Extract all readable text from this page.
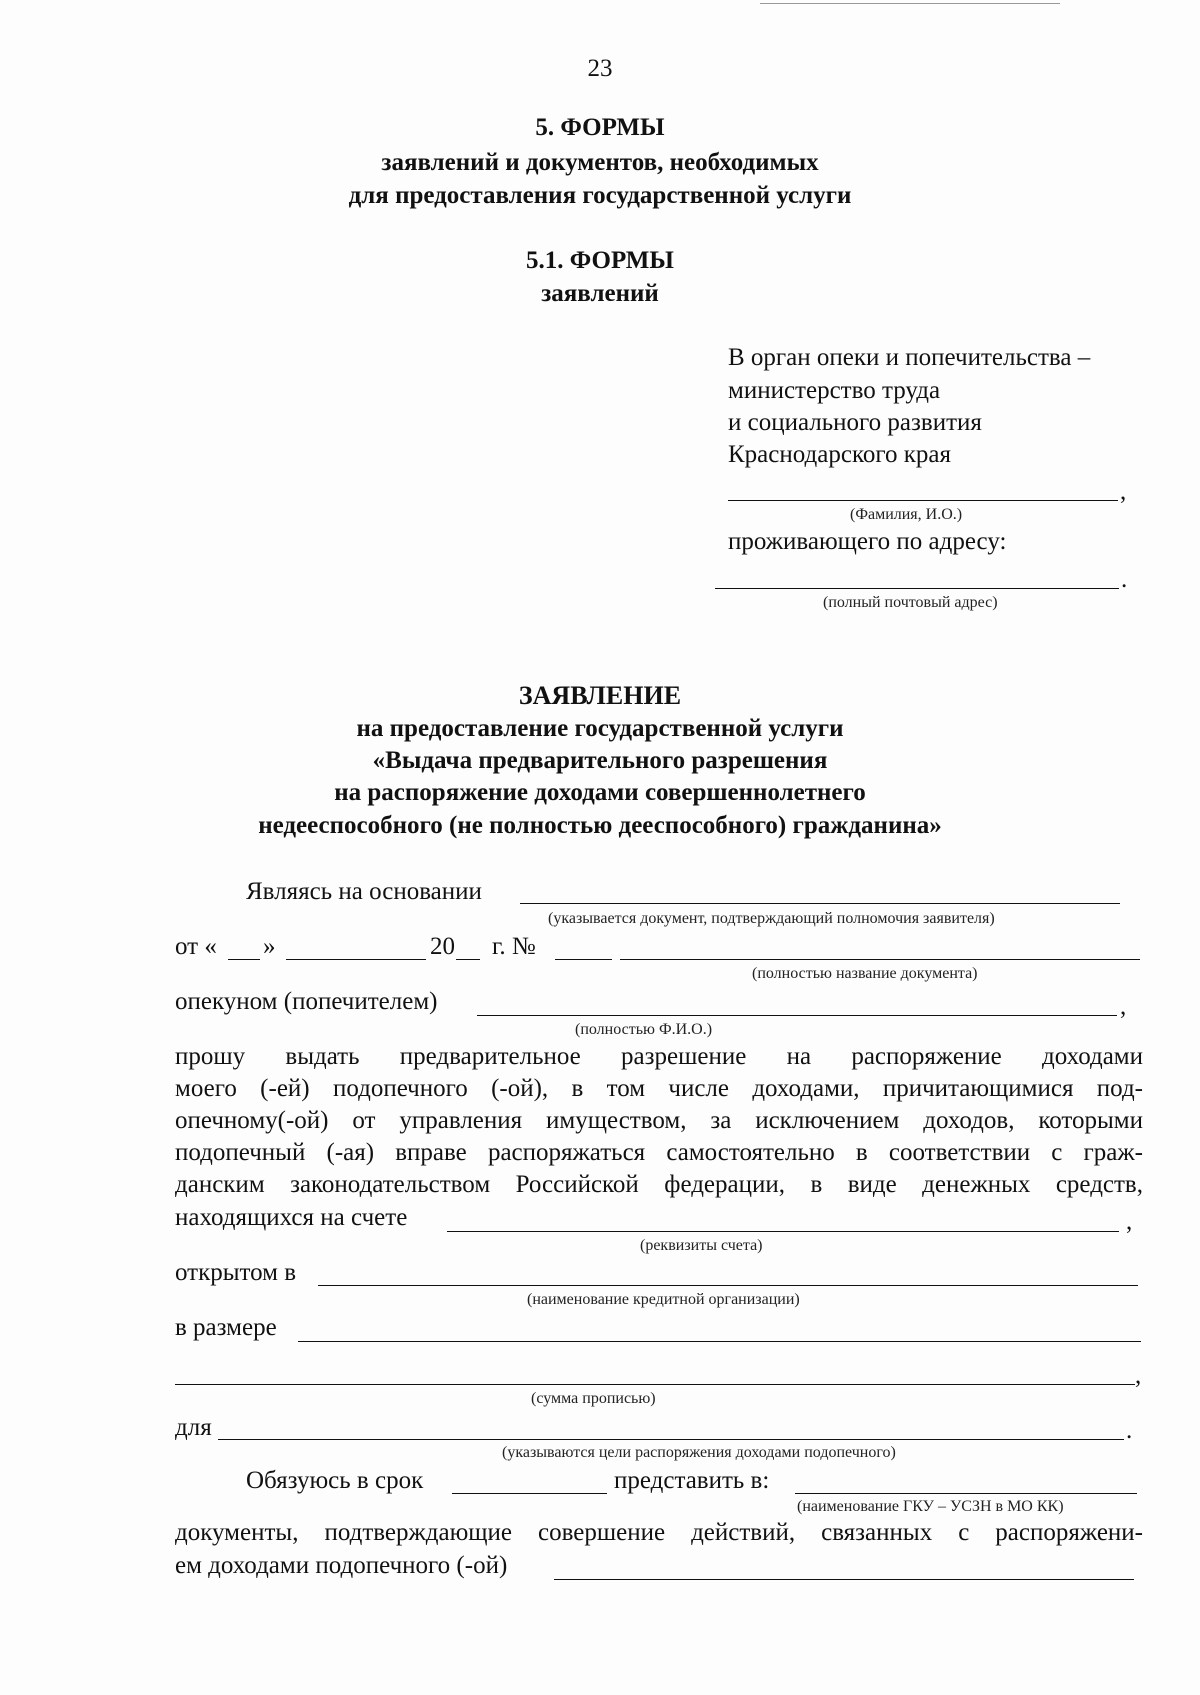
23
5. ФОРМЫ
заявлений и документов, необходимых
для предоставления государственной услуги
5.1. ФОРМЫ
заявлений
В орган опеки и попечительства –
министерство труда
и социального развития
Краснодарского края
,
(Фамилия, И.О.)
проживающего по адресу:
.
(полный почтовый адрес)
ЗАЯВЛЕНИЕ
на предоставление государственной услуги
«Выдача предварительного разрешения
на распоряжение доходами совершеннолетнего
недееспособного (не полностью дееспособного) гражданина»
Являясь на основании
(указывается документ, подтверждающий полномочия заявителя)
от « »	20 г. №
(полностью название документа)
опекуном (попечителем)	,
(полностью Ф.И.О.)
прошу выдать предварительное разрешение на распоряжение доходами
моего (-ей) подопечного (-ой), в том числе доходами, причитающимися под-
опечному(-ой) от управления имуществом, за исключением доходов, которыми
подопечный (-ая) вправе распоряжаться самостоятельно в соответствии с граж-
данским законодательством Российской федерации, в виде денежных средств,
находящихся на счете	,
(реквизиты счета)
открытом в
(наименование кредитной организации)
в размере
,
(сумма прописью)
для	.
(указываются цели распоряжения доходами подопечного)
Обязуюсь в срок	представить в:
(наименование ГКУ – УСЗН в МО КК)
документы, подтверждающие совершение действий, связанных с распоряжени-
ем доходами подопечного (-ой)
